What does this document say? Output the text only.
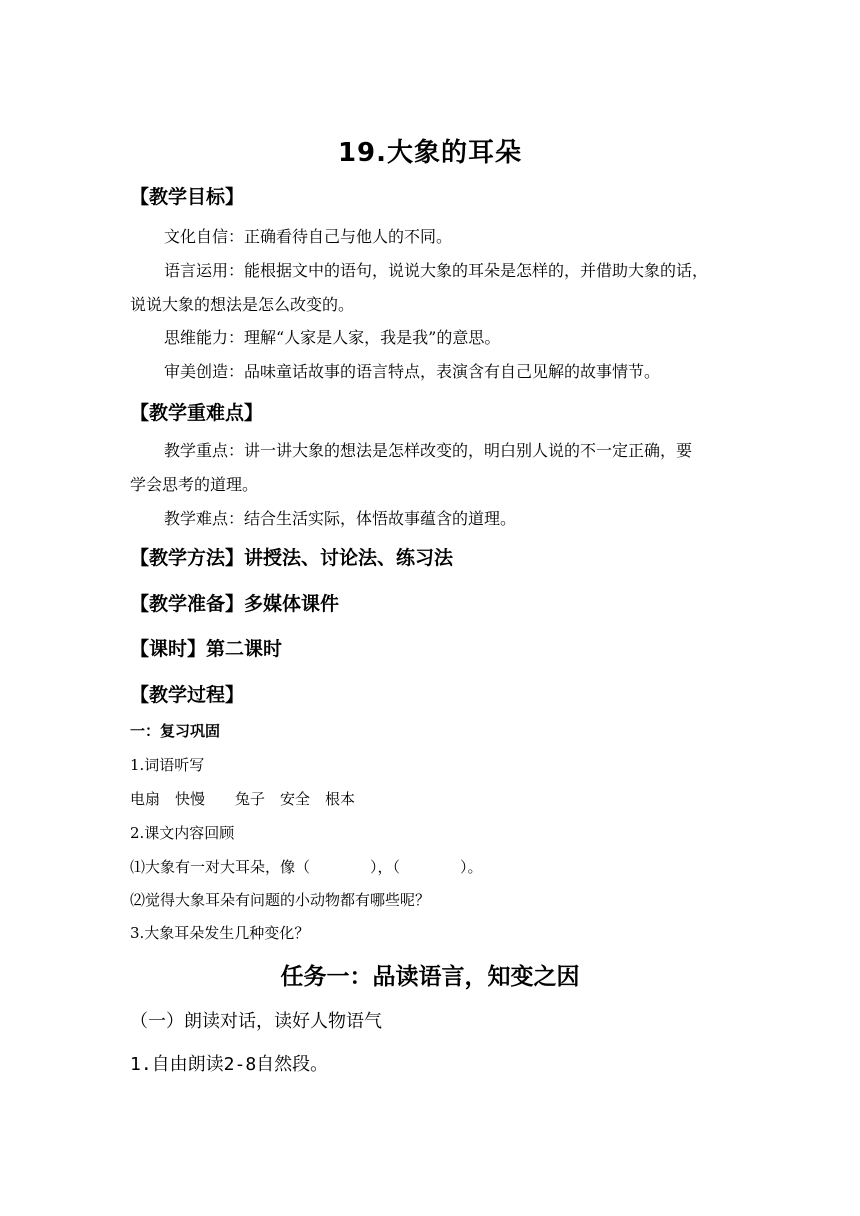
19.大象的耳朵
【教学目标】
文化自信：正确看待自己与他人的不同。
语言运用：能根据文中的语句，说说大象的耳朵是怎样的，并借助大象的话，
说说大象的想法是怎么改变的。
思维能力：理解“人家是人家，我是我”的意思。
审美创造：品味童话故事的语言特点，表演含有自己见解的故事情节。
【教学重难点】
教学重点：讲一讲大象的想法是怎样改变的，明白别人说的不一定正确，要
学会思考的道理。
教学难点：结合生活实际，体悟故事蕴含的道理。
【教学方法】讲授法、讨论法、练习法
【教学准备】多媒体课件
【课时】第二课时
【教学过程】
一：复习巩固
1.词语听写
电扇　快慢　　兔子　安全　根本
2.课文内容回顾
⑴大象有一对大耳朵，像（　　　　），（　　　　）。
⑵觉得大象耳朵有问题的小动物都有哪些呢？
3.大象耳朵发生几种变化？
任务一：品读语言，知变之因
（一）朗读对话，读好人物语气
1.自由朗读2-8自然段。
